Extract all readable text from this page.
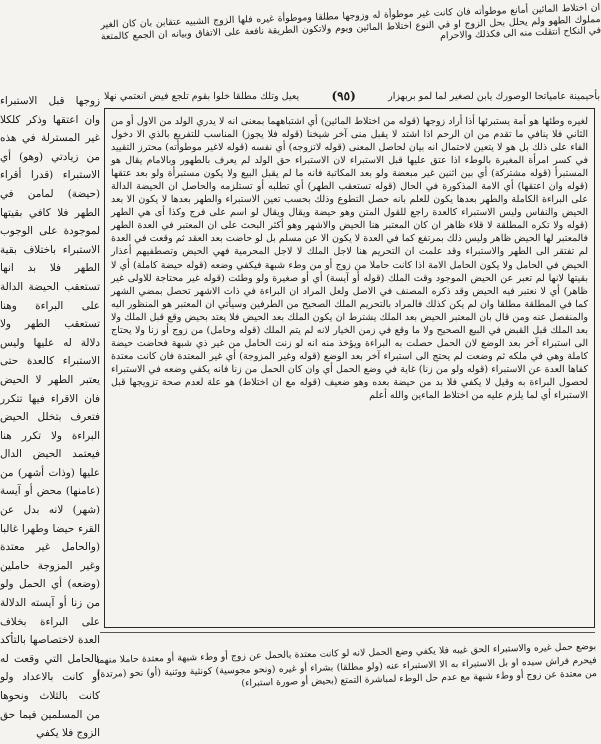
ان اختلاط المائين أمانع موطوأته فان كانت غير موطوأة له وزوجها مطلقا وموطوأة غيره فلها الزوج الشبيه عتقابن بان كان الغير مملوك الطهو ولم يحلل بحل الزوج او في النوع اختلاط المائين ويوم ولاتكون الطريقة نافعة على الاتفاق وبيانه ان الجمع كالمتعة في النكاح انتقلت منه الى فكذلك والاحرام

بأحيمينة عامياتحا الوصورك يابن لصغير لما لمو بربهزار
(٩٥)
يعيل وتلك مطلقا خلوا بقوم تلجع فيض انعتمي نهلا

زوجها قبل الاستبراء وان اعتقها وذكر كلكلا غير المسترلة في هذه من زيادتي (وهو) أي الاستبراء (قدرا أقراء (حيضة) لمامن في الطهر فلا كافي بقيتها لموجودة على الوجوب الاستبراء باختلاف بقية الطهر فلا بد انها تستعقب الحيضة الدالة على البراءة وهنا تستعقب الطهر ولا دلالة له عليها وليس الاستبراء كالعدة حتى يعتبر الطهر لا الحيض فان الاقراء فيها تتكرر فتعرف بتخلل الحيض البراءة ولا تكرر هنا فيعتمد الحيض الدال عليها (وذات أشهر) من (عامنها) محض أو آيسة (شهر) لانه بدل عن القرء حيضا وطهرا غالبا (والحامل غير معتدة وغير المزوجة حاملين (وضعه) أي الحمل ولو من زنا أو آيسته الدلالة على البراءة بخلاف العدة لاختصاصها بالتأكد بالحامل التي وقعت له أو كانت بالاعداد ولو كانت بالثلاث ونحوها من المسلمين فيما حق الزوج فلا يكفي

لغيره وطئها هو أمة يستبرئها أذا أراد زوجها (قوله من اختلاط المائين) أي اشتباههما بمعنى انه لا يدري الولد من الاول أو من الثاني فلا ينافي ما تقدم من ان الرحم اذا اشتد لا يقبل منى آخر شيخنا (قوله فلا يجوز) المناسب للتفريع بالذي الا دخول الفاء على ذلك بل هو لا يتعين لاحتمال انه بيان لحاصل المعنى (قوله لاتزوجه) أي نفسه (قوله لاغير موطوأته) محترز التقييد في كسر امرأة المغيرة بالوطء اذا عتق عليها قبل الاستبراء لان الاستبراء حق الولد لم يعرف بالطهور وبالامام يقال هو المستبرأ (قوله مشتركة) أي بين اثنين غير مبعضة ولو بعد المكاتبة فانه ما لم يقبل البيع ولا يكون مستبرأة ولو بعد عتقها (قوله وان اعتقها) أي الامة المذكورة في الحال (قوله تستعقب الطهر) أي تطلبه أو تستلزمه والحاصل ان الحيضة الدالة على البراءة الكاملة والطهر بعدها يكون للعلم بانه حصل التطوع وذلك بحسب تعين الاستبراء والطهر بعدها لا يكون الا بعد الحيض والنفاس وليس الاستبراء كالعدة راجع للقول المتن وهو حيضة ويقال ويقال لو اسم على فرج وكذا أى هي الطهر (قوله ولا تكره المطلقة لا قلاء ظاهر ان كان المعتبر هنا الحيض والاشهر وهو أكثر البحث على ان المعتبر في العدة الطهر فالمعتبر لها الحيض ظاهر وليس ذلك بمرتفع كما في العدة لا يكون الا عن مسلم بل لو حاضت بعد العقد ثم وقعت في العدة لم تفتقر الى الطهر والاستبراء وقد علمت ان التحريم هنا لاجل الملك لا لاجل المحرمية فهي الحيض وتصطفيهم أعذار الحيض في الحامل ولا يكون الحامل الامة اذا كانت حاملا من زوج أو من وطء شبهة فيكفي وضعه (قوله حيضة كاملة) أي لا بقيتها لانها لم تعبر عن الحيض الموجود وقت الملك (قوله أو آيسة) أي أو صغيرة ولو وطئت (قوله غير محتاجة للاولى غير ظاهر) أي لا نعتبر فيه الحيض وقد ذكره المصنف في الاصل ولعل المراد ان البراءة في ذات الاشهر تحصل بمضي الشهر كما في المطلقة مطلقا وان لم يكن كذلك فالمراد بالتحريم الملك الصحيح من الطرفين وسيأتي ان المعتبر هو المنظور اليه والمنفصل عنه ومن قال بان المعتبر الحيض بعد الملك يشترط ان يكون الملك بعد الحيض فلا يعتد بحيض وقع قبل الملك ولا بعد الملك قبل القبض في البيع الصحيح ولا ما وقع في زمن الخيار لانه لم يتم الملك (قوله وحامل) من زوج أو زنا ولا يحتاج الى استبراء آخر بعد الوضع لان الحمل حصلت به البراءة ويؤخذ منه انه لو زنت الحامل من غير ذي شبهة فحاضت حيضة كاملة وهي في ملكه ثم وضعت لم يحتج الى استبراء آخر بعد الوضع (قوله وغير المزوجة) أي غير المعتدة فان كانت معتدة كفاها العدة عن الاستبراء (قوله ولو من زنا) غاية في وضع الحمل أي وان كان الحمل من زنا فانه يكفي وضعه في الاستبراء لحصول البراءة به وقيل لا يكفي فلا بد من حيضة بعده وهو ضعيف (قوله مع ان اختلاط) هو علة لعدم صحة تزويجها قبل الاستبراء أي لما يلزم عليه من اختلاط الماءين والله أعلم

بوضع حمل غيره والاستبراء الحق غيبه فلا يكفي وضع الحمل لانه لو كانت معتدة بالحمل عن زوج أو وطء شبهة أو معتدة حاملا منهما فيحرم فراش سيده او بل الاستبراء به الا الاستبراء عنه (ولو مطلقا) بشراء أو غيره (ونحو مجوسية) كونثية ووثنية (أو) نحو (مرتدة) من معتدة عن زوج أو وطء شبهة مع عدم حل الوطء لمباشرة التمتع (بحيض أو صورة استبراء)
